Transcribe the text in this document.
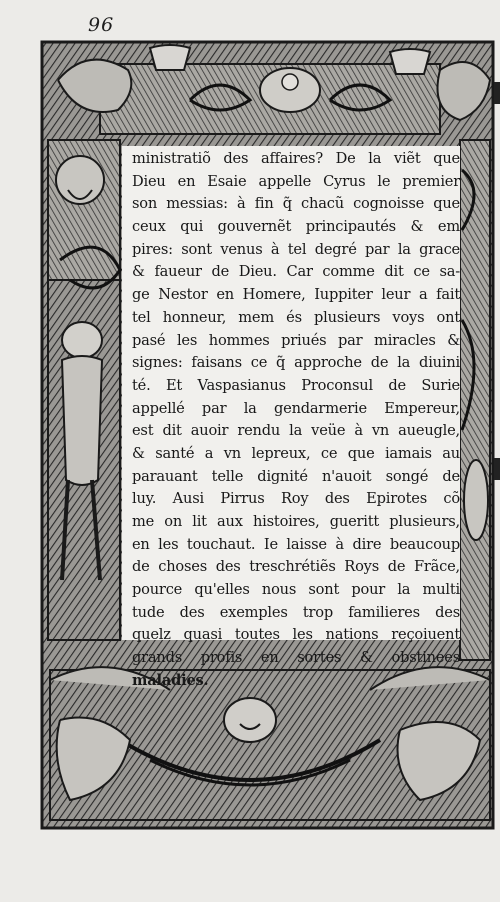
96
ministratiõ des affaires? De la viẽt que
Dieu en Esaie appelle Cyrus le premier
son messias: à fin q̃ chacũ cognoisse que
ceux qui gouvernẽt principautés & em
pires: sont venus à tel degré par la grace
& faueur de Dieu. Car comme dit ce sa-
ge Nestor en Homere, Iuppiter leur a fait
tel honneur, mem és plusieurs voys ont
pasé les hommes priués par miracles &
signes: faisans ce q̃ approche de la diuini
té. Et Vaspasianus Proconsul de Surie
appellé par la gendarmerie Empereur,
est dit auoir rendu la veüe à vn aueugle,
& santé a vn lepreux, ce que iamais au
parauant telle dignité n'auoit songé de
luy. Ausi Pirrus Roy des Epirotes cõ
me on lit aux histoires, gueritt plusieurs,
en les touchaut. Ie laisse à dire beaucoup
de choses des treschrétiẽs Roys de Frãce,
pource qu'elles nous sont pour la multi
tude des exemples trop familieres des
quelz quasi toutes les nations reçoiuent
grands profis en sortes & obstinées
maladies.
